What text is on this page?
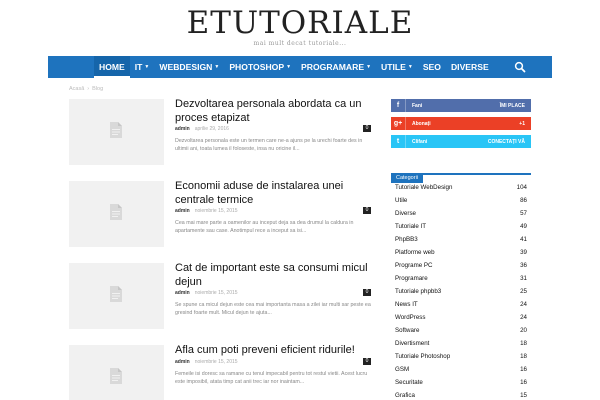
ETUTORIALE
mai mult decat tutoriale...
HOME	IT ▼	WEBDESIGN ▼	PHOTOSHOP ▼	PROGRAMARE ▼	UTILE ▼	SEO	DIVERSE
Acasă › Blog
Dezvoltarea personala abordata ca un proces etapizat
admin aprilie 29, 2016	0
Dezvoltarea personala este un termen care ne-a ajuns pe la urechi foarte des in ultimii ani, toata lumea il foloseste, insa nu oricine il...
Economii aduse de instalarea unei centrale termice
admin noiembrie 15, 2015	0
Cea mai mare parte a oamenilor au inceput deja sa dea drumul la caldura in apartamente sau case. Anotimpul rece a inceput sa isi...
Cat de important este sa consumi micul dejun
admin noiembrie 15, 2015	0
Se spune ca micul dejun este cea mai importanta masa a zilei iar multi sar peste ea gresind foarte mult. Micul dejun te ajuta...
Afla cum poti preveni eficient ridurile!
admin noiembrie 15, 2015	0
Femeile isi doresc sa ramane cu tenul impecabil pentru tot restul vietii. Acest lucru este imposibil, atata timp cat anii trec iar nor inaintam...
f	Fani	ÎMI PLACE
g+	Abonați	+1
t	Clifani	CONECTAȚI VĂ
Categorii
Tutoriale WebDesign	104
Utile	86
Diverse	57
Tutoriale IT	49
PhpBB3	41
Platforme web	39
Programe PC	36
Programare	31
Tutoriale phpbb3	25
News IT	24
WordPress	24
Software	20
Divertisment	18
Tutoriale Photoshop	18
GSM	16
Securitate	16
Grafica	15
